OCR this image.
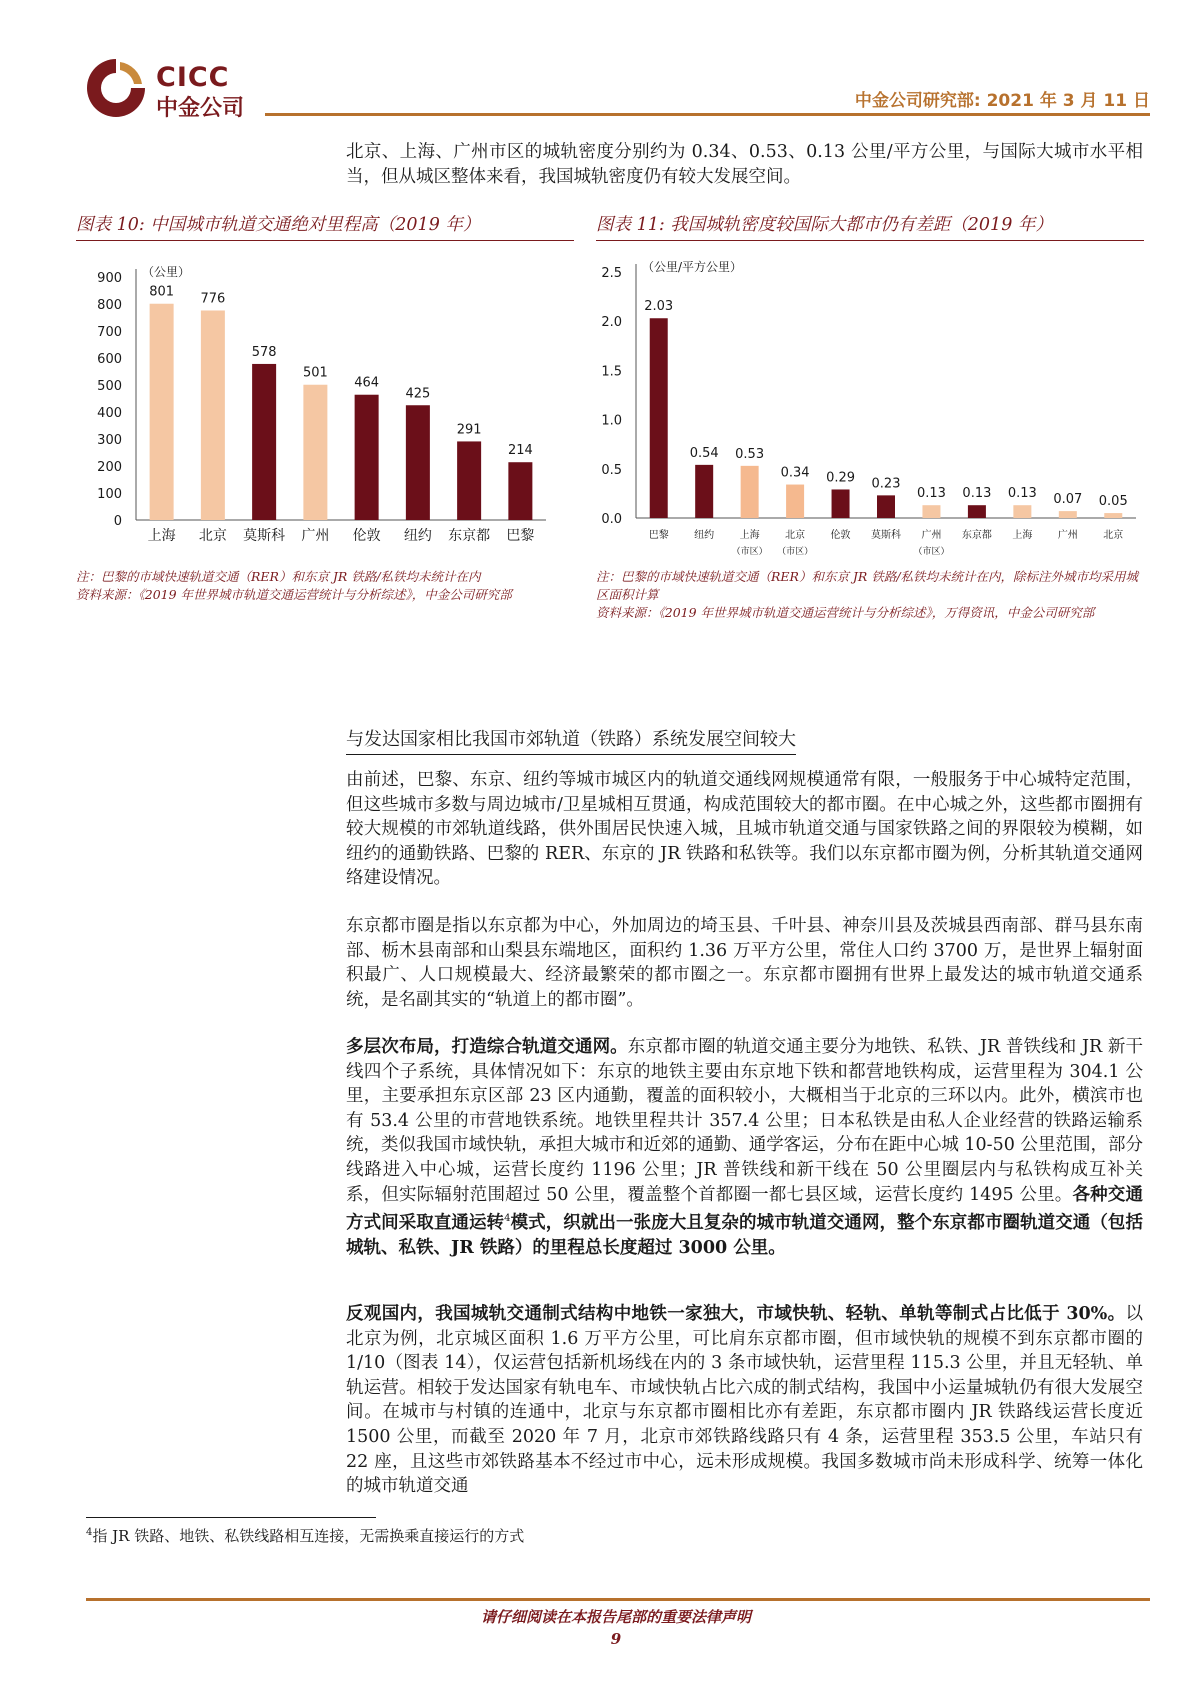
CICC
中金公司	中金公司研究部: 2021 年 3 月 11 日
北京、上海、广州市区的城轨密度分别约为 0.34、0.53、0.13 公里/平方公里，与国际大城市水平相当，但从城区整体来看，我国城轨密度仍有较大发展空间。
图表 10: 中国城市轨道交通绝对里程高（2019 年）
0
100
200
300
400
500
600
700
800
900 （公里）
801
上海
776
北京
578
莫斯科
501
广州
464
伦敦
425
纽约
291
东京都
214
巴黎
注：巴黎的市域快速轨道交通（RER）和东京 JR 铁路/私铁均未统计在内
资料来源：《2019 年世界城市轨道交通运营统计与分析综述》，中金公司研究部
图表 11: 我国城轨密度较国际大都市仍有差距（2019 年）
0.0
0.5
1.0
1.5
2.0
2.5 （公里/平方公里）
2.03
巴黎
0.54
纽约
0.53
上海
（市区）
0.34
北京
（市区）
0.29
伦敦
0.23
莫斯科
0.13
广州
（市区）
0.13
东京都
0.13
上海
0.07
广州
0.05
北京
注：巴黎的市域快速轨道交通（RER）和东京 JR 铁路/私铁均未统计在内，除标注外城市均采用城区面积计算
资料来源：《2019 年世界城市轨道交通运营统计与分析综述》，万得资讯，中金公司研究部
与发达国家相比我国市郊轨道（铁路）系统发展空间较大
由前述，巴黎、东京、纽约等城市城区内的轨道交通线网规模通常有限，一般服务于中心城特定范围，但这些城市多数与周边城市/卫星城相互贯通，构成范围较大的都市圈。在中心城之外，这些都市圈拥有较大规模的市郊轨道线路，供外围居民快速入城，且城市轨道交通与国家铁路之间的界限较为模糊，如纽约的通勤铁路、巴黎的 RER、东京的 JR 铁路和私铁等。我们以东京都市圈为例，分析其轨道交通网络建设情况。
东京都市圈是指以东京都为中心，外加周边的埼玉县、千叶县、神奈川县及茨城县西南部、群马县东南部、栃木县南部和山梨县东端地区，面积约 1.36 万平方公里，常住人口约 3700 万，是世界上辐射面积最广、人口规模最大、经济最繁荣的都市圈之一。东京都市圈拥有世界上最发达的城市轨道交通系统，是名副其实的“轨道上的都市圈”。
多层次布局，打造综合轨道交通网。东京都市圈的轨道交通主要分为地铁、私铁、JR 普铁线和 JR 新干线四个子系统，具体情况如下：东京的地铁主要由东京地下铁和都营地铁构成，运营里程为 304.1 公里，主要承担东京区部 23 区内通勤，覆盖的面积较小，大概相当于北京的三环以内。此外，横滨市也有 53.4 公里的市营地铁系统。地铁里程共计 357.4 公里；日本私铁是由私人企业经营的铁路运输系统，类似我国市域快轨，承担大城市和近郊的通勤、通学客运，分布在距中心城 10-50 公里范围，部分线路进入中心城，运营长度约 1196 公里；JR 普铁线和新干线在 50 公里圈层内与私铁构成互补关系，但实际辐射范围超过 50 公里，覆盖整个首都圈一都七县区域，运营长度约 1495 公里。各种交通方式间采取直通运转$^4$模式，织就出一张庞大且复杂的城市轨道交通网，整个东京都市圈轨道交通（包括城轨、私铁、JR 铁路）的里程总长度超过 3000 公里。
反观国内，我国城轨交通制式结构中地铁一家独大，市域快轨、轻轨、单轨等制式占比低于 30%。以北京为例，北京城区面积 1.6 万平方公里，可比肩东京都市圈，但市域快轨的规模不到东京都市圈的 1/10（图表 14），仅运营包括新机场线在内的 3 条市域快轨，运营里程 115.3 公里，并且无轻轨、单轨运营。相较于发达国家有轨电车、市域快轨占比六成的制式结构，我国中小运量城轨仍有很大发展空间。在城市与村镇的连通中，北京与东京都市圈相比亦有差距，东京都市圈内 JR 铁路线运营长度近 1500 公里，而截至 2020 年 7 月，北京市郊铁路线路只有 4 条，运营里程 353.5 公里，车站只有 22 座，且这些市郊铁路基本不经过市中心，远未形成规模。我国多数城市尚未形成科学、统筹一体化的城市轨道交通
$^4$指 JR 铁路、地铁、私铁线路相互连接，无需换乘直接运行的方式
请仔细阅读在本报告尾部的重要法律声明
9
